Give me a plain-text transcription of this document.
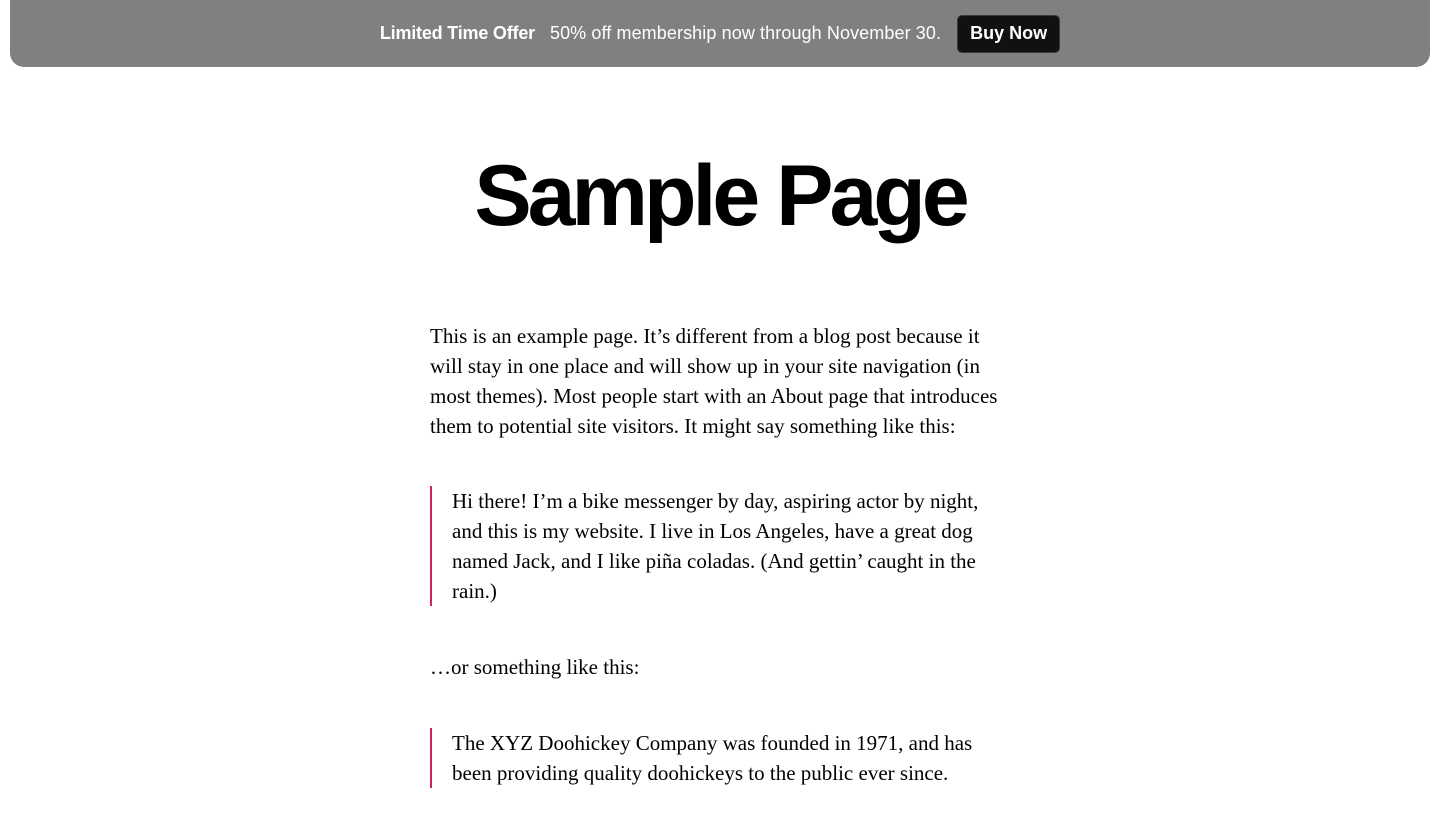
Limited Time Offer 50% off membership now through November 30.	Buy Now
Sample Page

This is an example page. It’s different from a blog post because it will stay in one place and will show up in your site navigation (in most themes). Most people start with an About page that introduces them to potential site visitors. It might say something like this:

Hi there! I’m a bike messenger by day, aspiring actor by night, and this is my website. I live in Los Angeles, have a great dog named Jack, and I like piña coladas. (And gettin’ caught in the rain.)

…or something like this:

The XYZ Doohickey Company was founded in 1971, and has been providing quality doohickeys to the public ever since.
